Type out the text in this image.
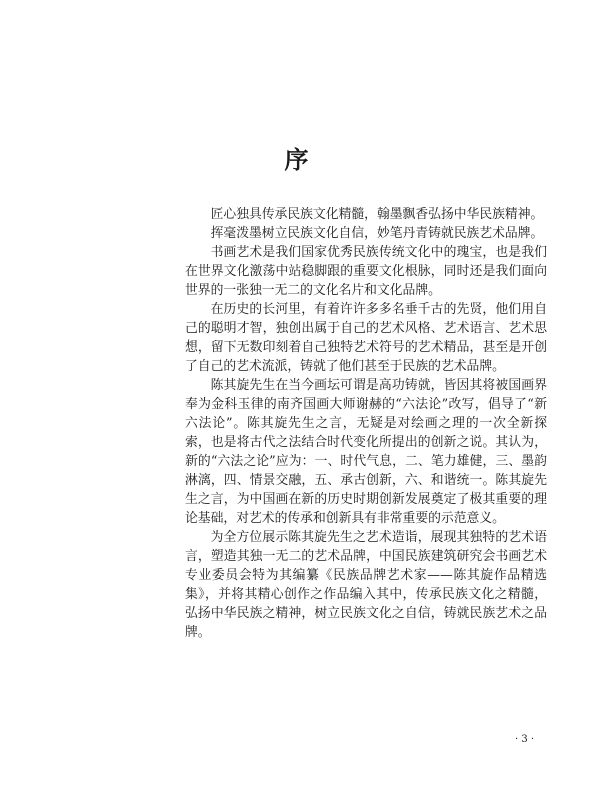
序

匠心独具传承民族文化精髓，翰墨飘香弘扬中华民族精神。

挥毫泼墨树立民族文化自信，妙笔丹青铸就民族艺术品牌。

书画艺术是我们国家优秀民族传统文化中的瑰宝，也是我们在世界文化激荡中站稳脚跟的重要文化根脉，同时还是我们面向世界的一张独一无二的文化名片和文化品牌。

在历史的长河里，有着许许多多名垂千古的先贤，他们用自己的聪明才智，独创出属于自己的艺术风格、艺术语言、艺术思想，留下无数印刻着自己独特艺术符号的艺术精品，甚至是开创了自己的艺术流派，铸就了他们甚至于民族的艺术品牌。

陈其旋先生在当今画坛可谓是高功铸就，皆因其将被国画界奉为金科玉律的南齐国画大师谢赫的“六法论”改写，倡导了“新六法论”。陈其旋先生之言，无疑是对绘画之理的一次全新探索，也是将古代之法结合时代变化所提出的创新之说。其认为，新的“六法之论”应为：一、时代气息，二、笔力雄健，三、墨韵淋漓，四、情景交融，五、承古创新，六、和谐统一。陈其旋先生之言，为中国画在新的历史时期创新发展奠定了极其重要的理论基础，对艺术的传承和创新具有非常重要的示范意义。

为全方位展示陈其旋先生之艺术造诣，展现其独特的艺术语言，塑造其独一无二的艺术品牌，中国民族建筑研究会书画艺术专业委员会特为其编纂《民族品牌艺术家——陈其旋作品精选集》，并将其精心创作之作品编入其中，传承民族文化之精髓，弘扬中华民族之精神，树立民族文化之自信，铸就民族艺术之品牌。

· 3 ·
